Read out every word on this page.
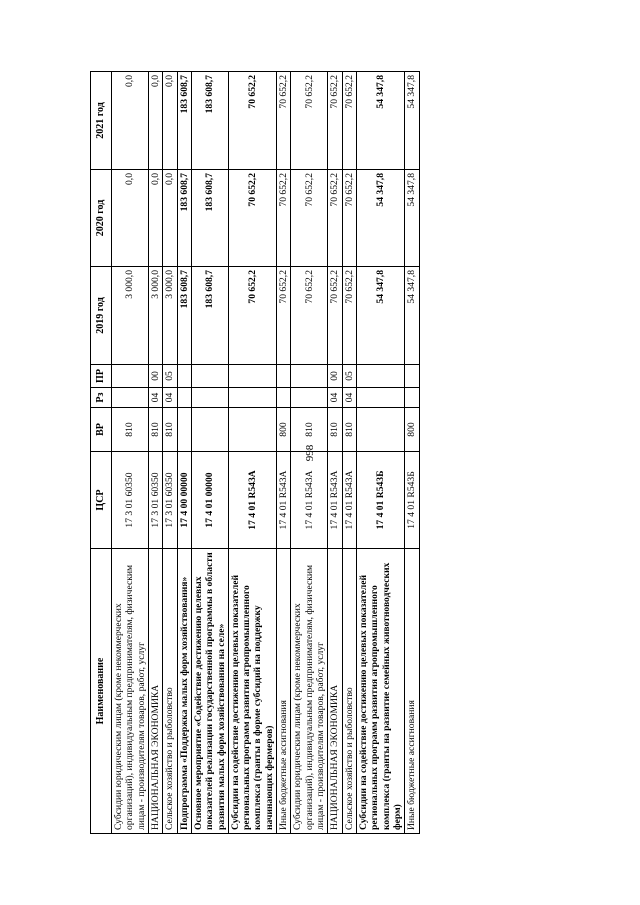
998
Наименование	ЦСР	ВР	Рз	ПР	2019 год	2020 год	2021 год
Субсидии юридическим лицам (кроме некоммерческих организаций), индивидуальным предпринимателям, физическим лицам - производителям товаров, работ, услуг	17 3 01 60350	810			3 000,0	0,0	0,0
НАЦИОНАЛЬНАЯ ЭКОНОМИКА	17 3 01 60350	810	04	00	3 000,0	0,0	0,0
Сельское хозяйство и рыболовство	17 3 01 60350	810	04	05	3 000,0	0,0	0,0
Подпрограмма «Поддержка малых форм хозяйствования»	17 4 00 00000				183 608,7	183 608,7	183 608,7
Основное мероприятие «Содействие достижению целевых показателей реализации государственной программы в области развития малых форм хозяйствования на селе»	17 4 01 00000				183 608,7	183 608,7	183 608,7
Субсидии на содействие достижению целевых показателей региональных программ развития агропромышленного комплекса (гранты в форме субсидий на поддержку начинающих фермеров)	17 4 01 R543А				70 652,2	70 652,2	70 652,2
Иные бюджетные ассигнования	17 4 01 R543А	800			70 652,2	70 652,2	70 652,2
Субсидии юридическим лицам (кроме некоммерческих организаций), индивидуальным предпринимателям, физическим лицам - производителям товаров, работ, услуг	17 4 01 R543А	810			70 652,2	70 652,2	70 652,2
НАЦИОНАЛЬНАЯ ЭКОНОМИКА	17 4 01 R543А	810	04	00	70 652,2	70 652,2	70 652,2
Сельское хозяйство и рыболовство	17 4 01 R543А	810	04	05	70 652,2	70 652,2	70 652,2
Субсидии на содействие достижению целевых показателей региональных программ развития агропромышленного комплекса (гранты на развитие семейных животноводческих ферм)	17 4 01 R543Б				54 347,8	54 347,8	54 347,8
Иные бюджетные ассигнования	17 4 01 R543Б	800			54 347,8	54 347,8	54 347,8
